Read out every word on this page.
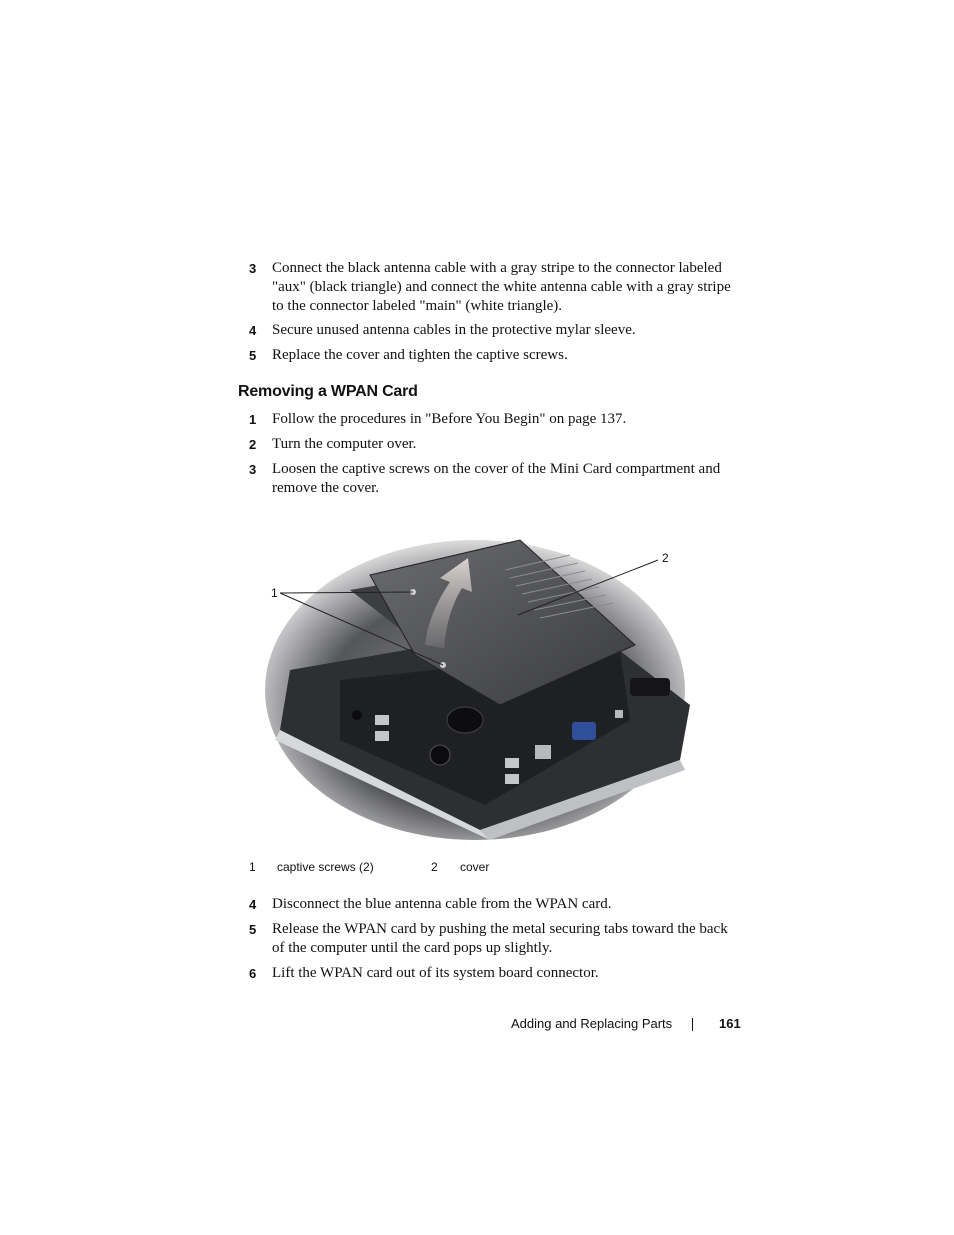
3 Connect the black antenna cable with a gray stripe to the connector labeled "aux" (black triangle) and connect the white antenna cable with a gray stripe to the connector labeled "main" (white triangle).
4 Secure unused antenna cables in the protective mylar sleeve.
5 Replace the cover and tighten the captive screws.
Removing a WPAN Card
1 Follow the procedures in "Before You Begin" on page 137.
2 Turn the computer over.
3 Loosen the captive screws on the cover of the Mini Card compartment and remove the cover.
1
2
1 captive screws (2)	2 cover
4 Disconnect the blue antenna cable from the WPAN card.
5 Release the WPAN card by pushing the metal securing tabs toward the back of the computer until the card pops up slightly.
6 Lift the WPAN card out of its system board connector.
Adding and Replacing Parts	161
